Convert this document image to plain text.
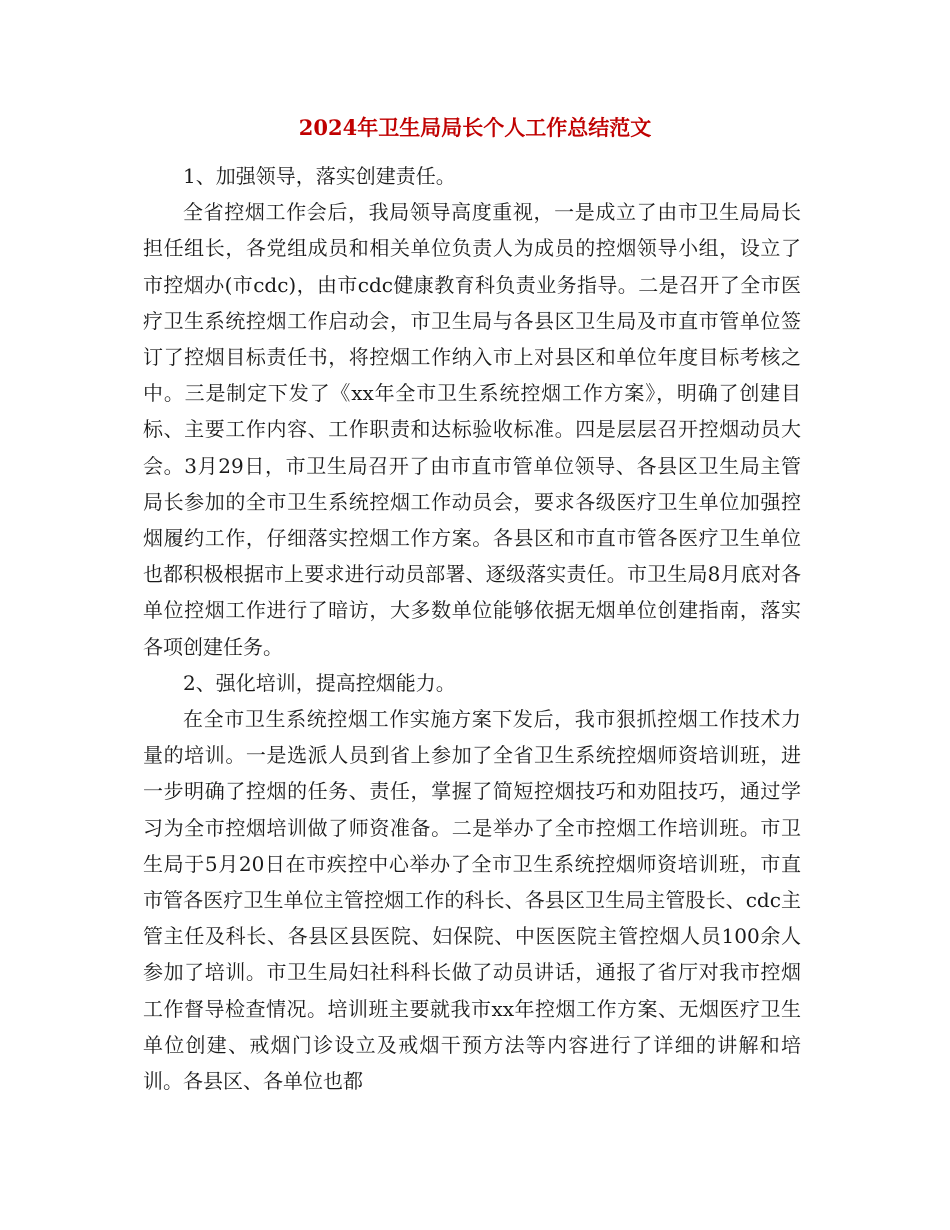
2024年卫生局局长个人工作总结范文

1、加强领导，落实创建责任。

全省控烟工作会后，我局领导高度重视，一是成立了由市卫生局局长担任组长，各党组成员和相关单位负责人为成员的控烟领导小组，设立了市控烟办(市cdc)，由市cdc健康教育科负责业务指导。二是召开了全市医疗卫生系统控烟工作启动会，市卫生局与各县区卫生局及市直市管单位签订了控烟目标责任书，将控烟工作纳入市上对县区和单位年度目标考核之中。三是制定下发了《xx年全市卫生系统控烟工作方案》，明确了创建目标、主要工作内容、工作职责和达标验收标准。四是层层召开控烟动员大会。3月29日，市卫生局召开了由市直市管单位领导、各县区卫生局主管局长参加的全市卫生系统控烟工作动员会，要求各级医疗卫生单位加强控烟履约工作，仔细落实控烟工作方案。各县区和市直市管各医疗卫生单位也都积极根据市上要求进行动员部署、逐级落实责任。市卫生局8月底对各单位控烟工作进行了暗访，大多数单位能够依据无烟单位创建指南，落实各项创建任务。

2、强化培训，提高控烟能力。

在全市卫生系统控烟工作实施方案下发后，我市狠抓控烟工作技术力量的培训。一是选派人员到省上参加了全省卫生系统控烟师资培训班，进一步明确了控烟的任务、责任，掌握了简短控烟技巧和劝阻技巧，通过学习为全市控烟培训做了师资准备。二是举办了全市控烟工作培训班。市卫生局于5月20日在市疾控中心举办了全市卫生系统控烟师资培训班，市直市管各医疗卫生单位主管控烟工作的科长、各县区卫生局主管股长、cdc主管主任及科长、各县区县医院、妇保院、中医医院主管控烟人员100余人参加了培训。市卫生局妇社科科长做了动员讲话，通报了省厅对我市控烟工作督导检查情况。培训班主要就我市xx年控烟工作方案、无烟医疗卫生单位创建、戒烟门诊设立及戒烟干预方法等内容进行了详细的讲解和培训。各县区、各单位也都
